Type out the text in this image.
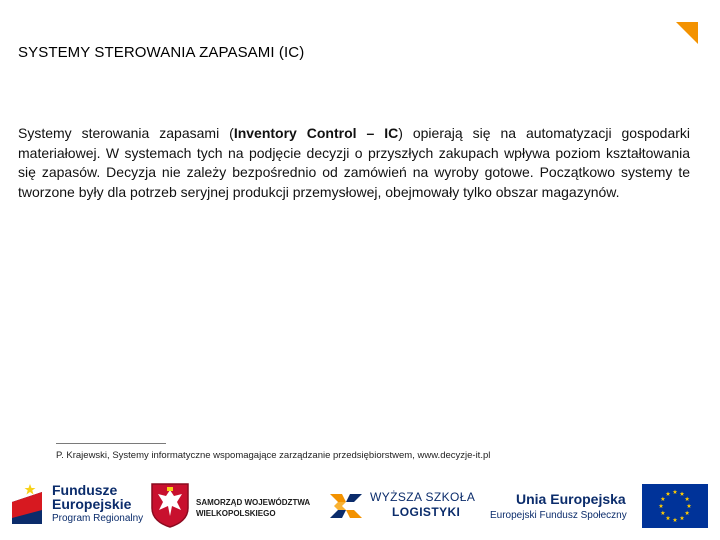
SYSTEMY STEROWANIA ZAPASAMI (IC)
Systemy sterowania zapasami (Inventory Control – IC) opierają się na automatyzacji gospodarki materiałowej. W systemach tych na podjęcie decyzji o przyszłych zakupach wpływa poziom kształtowania się zapasów. Decyzja nie zależy bezpośrednio od zamówień na wyroby gotowe. Początkowo systemy te tworzone były dla potrzeb seryjnej produkcji przemysłowej, obejmowały tylko obszar magazynów.
P. Krajewski, Systemy informatyczne wspomagające zarządzanie przedsiębiorstwem, www.decyzje-it.pl
Fundusze
Europejskie
Program Regionalny
SAMORZĄD WOJEWÓDZTWA
WIELKOPOLSKIEGO
WYŻSZA SZKOŁA
LOGISTYKI
Unia Europejska
Europejski Fundusz Społeczny
